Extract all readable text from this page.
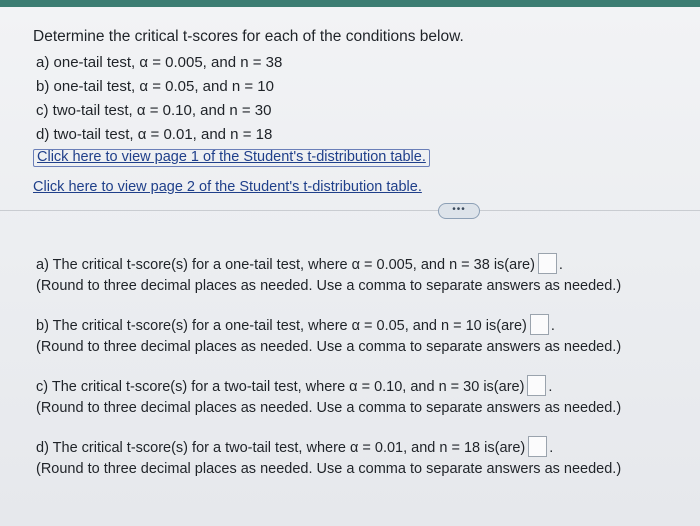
Determine the critical t-scores for each of the conditions below.
a) one-tail test, α = 0.005, and n = 38
b) one-tail test, α = 0.05, and n = 10
c) two-tail test, α = 0.10, and n = 30
d) two-tail test, α = 0.01, and n = 18
Click here to view page 1 of the Student's t-distribution table.
Click here to view page 2 of the Student's t-distribution table.
•••
a) The critical t-score(s) for a one-tail test, where α = 0.005, and n = 38 is(are) .
(Round to three decimal places as needed. Use a comma to separate answers as needed.)
b) The critical t-score(s) for a one-tail test, where α = 0.05, and n = 10 is(are) .
(Round to three decimal places as needed. Use a comma to separate answers as needed.)
c) The critical t-score(s) for a two-tail test, where α = 0.10, and n = 30 is(are) .
(Round to three decimal places as needed. Use a comma to separate answers as needed.)
d) The critical t-score(s) for a two-tail test, where α = 0.01, and n = 18 is(are) .
(Round to three decimal places as needed. Use a comma to separate answers as needed.)
